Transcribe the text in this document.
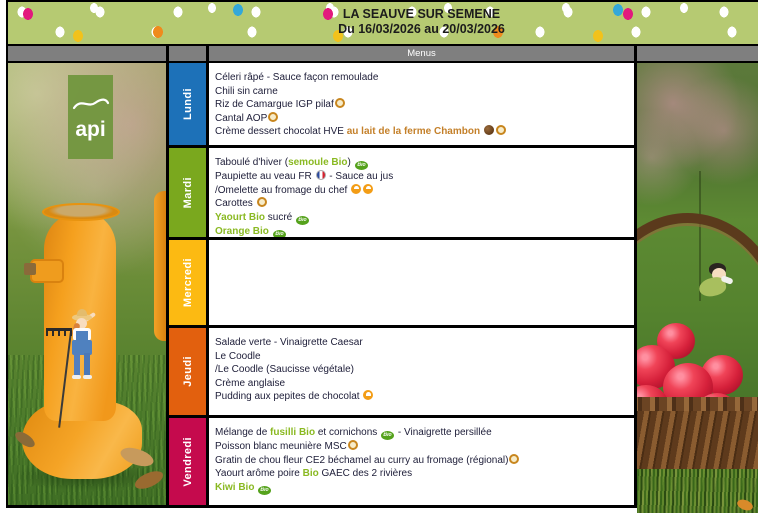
LA SEAUVE SUR SEMENE
Du 16/03/2026 au 20/03/2026
Menus
api
Lundi
Céleri râpé - Sauce façon remoulade
Chili sin carne
Riz de Camargue IGP pilaf
Cantal AOP
Crème dessert chocolat HVE au lait de la ferme Chambon
Mardi
Taboulé d'hiver (semoule Bio) Bio
Paupiette au veau FR  - Sauce au jus
/Omelette au fromage du chef
Carottes
Yaourt Bio sucré Bio
Orange Bio Bio
Mercredi
Jeudi
Salade verte - Vinaigrette Caesar
Le Coodle
/Le Coodle (Saucisse végétale)
Crème anglaise
Pudding aux pepites de chocolat
Vendredi
Mélange de fusilli Bio et cornichons Bio - Vinaigrette persillée
Poisson blanc meunière MSC
Gratin de chou fleur CE2 béchamel au curry au fromage (régional)
Yaourt arôme poire Bio GAEC des 2 rivières
Kiwi Bio Bio
